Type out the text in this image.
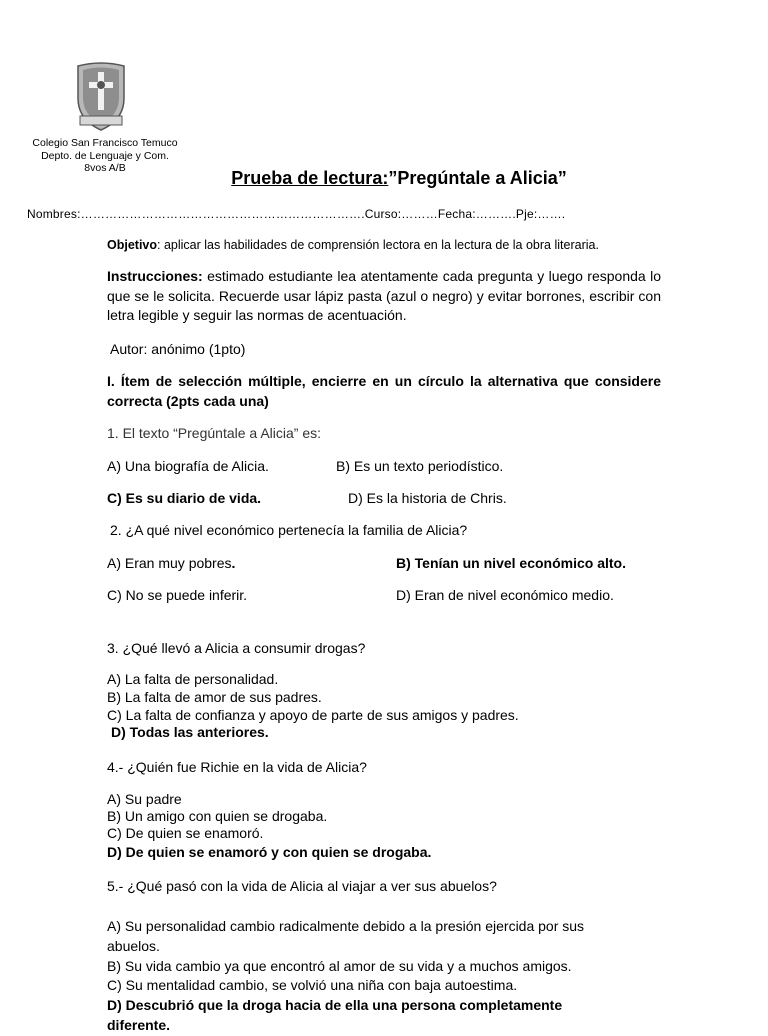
Colegio San Francisco Temuco
Depto. de Lenguaje y Com.
8vos A/B	Prueba de lectura:”Pregúntale a Alicia”
Nombres:…………………………………………………………….Curso:………Fecha:……….Pje:…….
Objetivo: aplicar las habilidades de comprensión lectora en la lectura de la obra literaria.
Instrucciones: estimado estudiante lea atentamente cada pregunta y luego responda lo que se le solicita. Recuerde usar lápiz pasta (azul o negro) y evitar borrones, escribir con letra legible y seguir las normas de acentuación.
Autor: anónimo (1pto)
I. Ítem de selección múltiple, encierre en un círculo la alternativa que considere correcta (2pts cada una)
1. El texto “Pregúntale a Alicia” es:
A) Una biografía de Alicia.	B) Es un texto periodístico.
C) Es su diario de vida.	D) Es la historia de Chris.
2. ¿A qué nivel económico pertenecía la familia de Alicia?
A) Eran muy pobres.	B) Tenían un nivel económico alto.
C) No se puede inferir.	D) Eran de nivel económico medio.
3. ¿Qué llevó a Alicia a consumir drogas?
A) La falta de personalidad.
B) La falta de amor de sus padres.
C) La falta de confianza y apoyo de parte de sus amigos y padres.
D) Todas las anteriores.
4.- ¿Quién fue Richie en la vida de Alicia?
A) Su padre
B) Un amigo con quien se drogaba.
C) De quien se enamoró.
D) De quien se enamoró y con quien se drogaba.
5.- ¿Qué pasó con la vida de Alicia al viajar a ver sus abuelos?
A) Su personalidad cambio radicalmente debido a la presión ejercida por sus
abuelos.
B) Su vida cambio ya que encontró al amor de su vida y a muchos amigos.
C) Su mentalidad cambio, se volvió una niña con baja autoestima.
D) Descubrió que la droga hacia de ella una persona completamente
diferente.
